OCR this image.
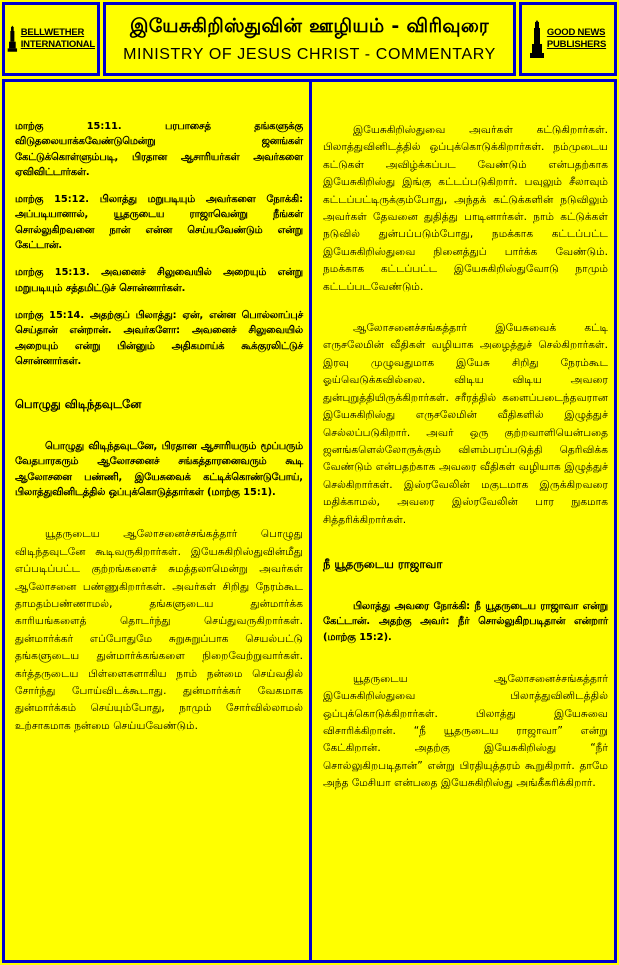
BELLWETHER
INTERNATIONAL
இயேசுகிறிஸ்துவின் ஊழியம் - விரிவுரை
MINISTRY OF JESUS CHRIST - COMMENTARY
GOOD NEWS
PUBLISHERS

மாற்கு 15:11. பரபாசைத் தங்களுக்கு விடுதலையாக்கவேண்டுமென்று ஜனங்கள் கேட்டுக்கொள்ளும்படி, பிரதான ஆசாரியர்கள் அவர்களை ஏவிவிட்டார்கள்.

மாற்கு 15:12. பிலாத்து மறுபடியும் அவர்களை நோக்கி: அப்படியானால், யூதருடைய ராஜாவென்று நீங்கள் சொல்லுகிறவனை நான் என்ன செய்யவேண்டும் என்று கேட்டான்.

மாற்கு 15:13. அவனைச் சிலுவையில் அறையும் என்று மறுபடியும் சத்தமிட்டுச் சொன்னார்கள்.

மாற்கு 15:14. அதற்குப் பிலாத்து: ஏன், என்ன பொல்லாப்புச் செய்தான் என்றான். அவர்களோ: அவனைச் சிலுவையில் அறையும் என்று பின்னும் அதிகமாய்க் கூக்குரலிட்டுச் சொன்னார்கள்.

பொழுது விடிந்தவுடனே

பொழுது விடிந்தவுடனே, பிரதான ஆசாரியரும் மூப்பரும் வேதபாரகரும் ஆலோசனைச் சங்கத்தாரனைவரும் கூடி ஆலோசனை பண்ணி, இயேசுவைக் கட்டிக்கொண்டுபோய், பிலாத்துவினிடத்தில் ஒப்புக்கொடுத்தார்கள் (மாற்கு 15:1).

யூதருடைய ஆலோசனைச்சங்கத்தார் பொழுது விடிந்தவுடனே கூடிவருகிறார்கள். இயேசுகிறிஸ்துவின்மீது எப்படிப்பட்ட குற்றங்களைச் சுமத்தலாமென்று அவர்கள் ஆலோசனை பண்ணுகிறார்கள். அவர்கள் சிறிது நேரம்கூட தாமதம்பண்ணாமல், தங்களுடைய துன்மார்க்க காரியங்களைத் தொடர்ந்து செய்துவருகிறார்கள். துன்மார்க்கர் எப்போதுமே சுறுசுறுப்பாக செயல்பட்டு தங்களுடைய துன்மார்க்கங்களை நிறைவேற்றுவார்கள். கர்த்தருடைய பிள்ளைகளாகிய நாம் நன்மை செய்வதில் சோர்ந்து போய்விடக்கூடாது. துன்மார்க்கர் வேகமாக துன்மார்க்கம் செய்யும்போது, நாமும் சோர்வில்லாமல் உற்சாகமாக நன்மை செய்யவேண்டும்.

இயேசுகிறிஸ்துவை அவர்கள் கட்டுகிறார்கள். பிலாத்துவினிடத்தில் ஒப்புக்கொடுக்கிறார்கள். நம்முடைய கட்டுகள் அவிழ்க்கப்பட வேண்டும் என்பதற்காக இயேசுகிறிஸ்து இங்கு கட்டப்படுகிறார். பவுலும் சீலாவும் கட்டப்பட்டிருக்கும்போது, அந்தக் கட்டுக்களின் நடுவிலும் அவர்கள் தேவனை துதித்து பாடினார்கள். நாம் கட்டுக்கள் நடுவில் துன்பப்படும்போது, நமக்காக கட்டப்பட்ட இயேசுகிறிஸ்துவை நினைத்துப் பார்க்க வேண்டும். நமக்காக கட்டப்பட்ட இயேசுகிறிஸ்துவோடு நாமும் கட்டப்படவேண்டும்.

ஆலோசனைச்சங்கத்தார் இயேசுவைக் கட்டி எருசலேமின் வீதிகள் வழியாக அழைத்துச் செல்கிறார்கள். இரவு முழுவதுமாக இயேசு சிறிது நேரம்கூட ஓய்வெடுக்கவில்லை. விடிய விடிய அவரை துன்புறுத்தியிருக்கிறார்கள். சரீரத்தில் களைப்படைந்தவரான இயேசுகிறிஸ்து எருசலேமின் வீதிகளில் இழுத்துச் செல்லப்படுகிறார். அவர் ஒரு குற்றவாளியென்பதை ஜனங்களெல்லோருக்கும் விளம்பரப்படுத்தி தெரிவிக்க வேண்டும் என்பதற்காக அவரை வீதிகள் வழியாக இழுத்துச் செல்கிறார்கள். இஸ்ரவேலின் மகுடமாக இருக்கிறவரை மதிக்காமல், அவரை இஸ்ரவேலின் பார நுகமாக சித்தரிக்கிறார்கள்.

நீ யூதருடைய ராஜாவா

பிலாத்து அவரை நோக்கி: நீ யூதருடைய ராஜாவா என்று கேட்டான். அதற்கு அவர்: நீர் சொல்லுகிறபடிதான் என்றார் (மாற்கு 15:2).

யூதருடைய ஆலோசனைச்சங்கத்தார் இயேசுகிறிஸ்துவை பிலாத்துவினிடத்தில் ஒப்புக்கொடுக்கிறார்கள். பிலாத்து இயேசுவை விசாரிக்கிறான். “நீ யூதருடைய ராஜாவா” என்று கேட்கிறான். அதற்கு இயேசுகிறிஸ்து “நீர் சொல்லுகிறபடிதான்” என்று பிரதியுத்தரம் கூறுகிறார். தாமே அந்த மேசியா என்பதை இயேசுகிறிஸ்து அங்கீகரிக்கிறார்.
